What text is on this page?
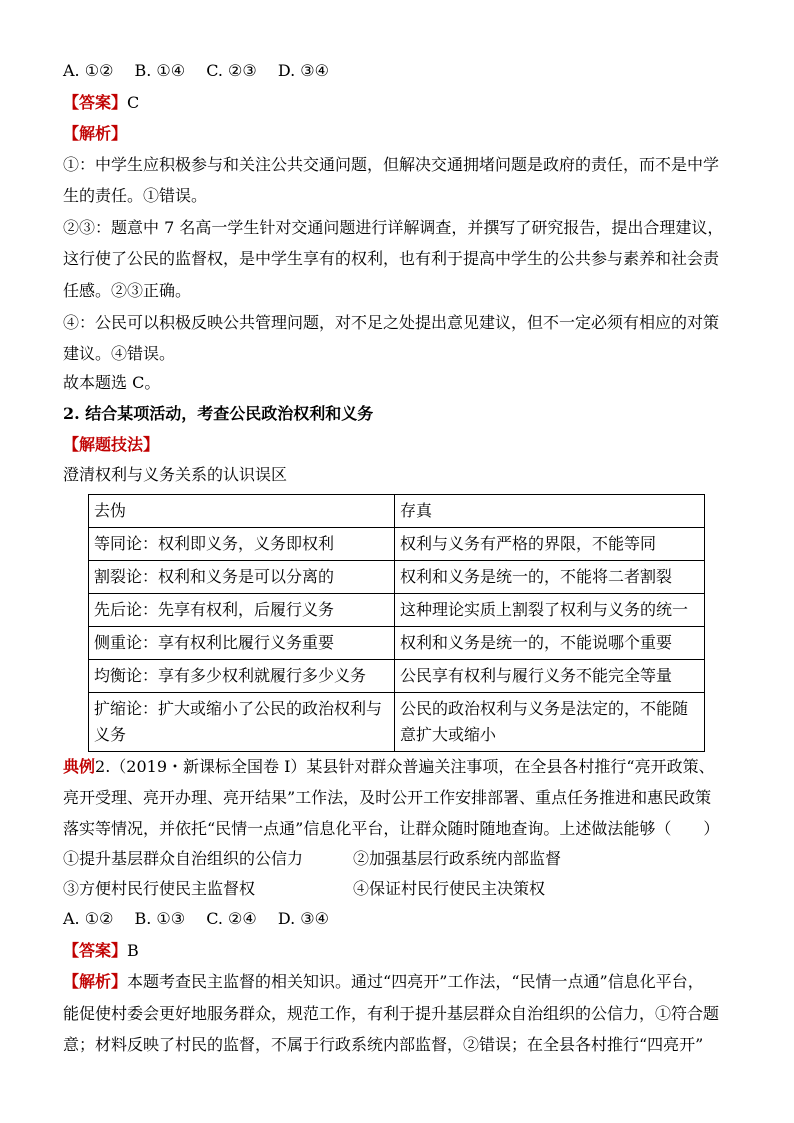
A. ①②　 B. ①④　 C. ②③　 D. ③④
【答案】C
【解析】
①：中学生应积极参与和关注公共交通问题，但解决交通拥堵问题是政府的责任，而不是中学
生的责任。①错误。
②③：题意中 7 名高一学生针对交通问题进行详解调查，并撰写了研究报告，提出合理建议，
这行使了公民的监督权，是中学生享有的权利，也有利于提高中学生的公共参与素养和社会责
任感。②③正确。
④：公民可以积极反映公共管理问题，对不足之处提出意见建议，但不一定必须有相应的对策
建议。④错误。
故本题选 C。
2. 结合某项活动，考查公民政治权利和义务
【解题技法】
澄清权利与义务关系的认识误区
去伪	存真
等同论：权利即义务，义务即权利	权利与义务有严格的界限，不能等同
割裂论：权利和义务是可以分离的	权利和义务是统一的，不能将二者割裂
先后论：先享有权利，后履行义务	这种理论实质上割裂了权利与义务的统一
侧重论：享有权利比履行义务重要	权利和义务是统一的，不能说哪个重要
均衡论：享有多少权利就履行多少义务	公民享有权利与履行义务不能完全等量
扩缩论：扩大或缩小了公民的政治权利与义务	公民的政治权利与义务是法定的，不能随意扩大或缩小
典例2.（2019・新课标全国卷 I）某县针对群众普遍关注事项，在全县各村推行“亮开政策、
亮开受理、亮开办理、亮开结果”工作法，及时公开工作安排部署、重点任务推进和惠民政策
落实等情况，并依托“民情一点通”信息化平台，让群众随时随地查询。上述做法能够（　　）
①提升基层群众自治组织的公信力	②加强基层行政系统内部监督
③方便村民行使民主监督权	④保证村民行使民主决策权
A. ①②　 B. ①③　 C. ②④　 D. ③④
【答案】B
【解析】本题考查民主监督的相关知识。通过“四亮开”工作法，“民情一点通”信息化平台，
能促使村委会更好地服务群众，规范工作，有利于提升基层群众自治组织的公信力，①符合题
意；材料反映了村民的监督，不属于行政系统内部监督，②错误；在全县各村推行“四亮开”
